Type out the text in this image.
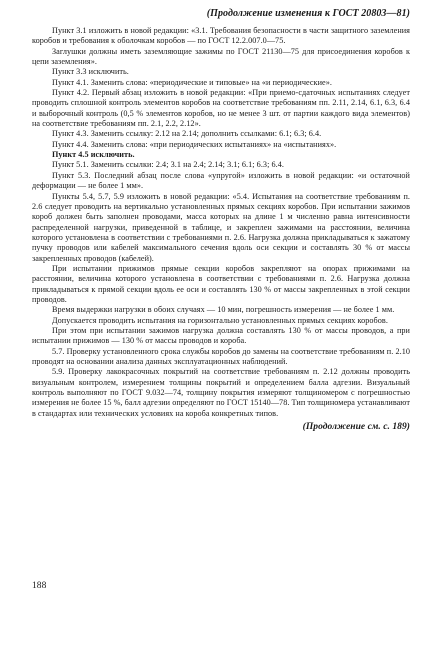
(Продолжение изменения к ГОСТ 20803—81)

Пункт 3.1 изложить в новой редакции: «3.1. Требования безопасности в части защитного заземления коробов и требования к оболочкам коробов — по ГОСТ 12.2.007.0—75.

Заглушки должны иметь заземляющие зажимы по ГОСТ 21130—75 для присоединения коробов к цепи заземления».

Пункт 3.3 исключить.

Пункт 4.1. Заменить слова: «периодические и типовые» на «и периодические».

Пункт 4.2. Первый абзац изложить в новой редакции: «При приемо-сдаточных испытаниях следует проводить сплошной контроль элементов коробов на соответствие требованиям пп. 2.11, 2.14, 6.1, 6.3, 6.4 и выборочный контроль (0,5 % элементов коробов, но не менее 3 шт. от партии каждого вида элементов) на соответствие требованиям пп. 2.1, 2.2, 2.12».

Пункт 4.3. Заменить ссылку: 2.12 на 2.14; дополнить ссылками: 6.1; 6.3; 6.4.

Пункт 4.4. Заменить слова: «при периодических испытаниях» на «испытаниях».

Пункт 4.5 исключить.

Пункт 5.1. Заменить ссылки: 2.4; 3.1 на 2.4; 2.14; 3.1; 6.1; 6.3; 6.4.

Пункт 5.3. Последний абзац после слова «упругой» изложить в новой редакции: «и остаточной деформации — не более 1 мм».

Пункты 5.4, 5.7, 5.9 изложить в новой редакции: «5.4. Испытания на соответствие требованиям п. 2.6 следует проводить на вертикально установленных прямых секциях коробов. При испытании зажимов короб должен быть заполнен проводами, масса которых на длине 1 м численно равна интенсивности распределенной нагрузки, приведенной в таблице, и закреплен зажимами на расстоянии, величина которого установлена в соответствии с требованиями п. 2.6. Нагрузка должна прикладываться к зажатому пучку проводов или кабелей максимального сечения вдоль оси секции и составлять 30 % от массы закрепленных проводов (кабелей).

При испытании прижимов прямые секции коробов закрепляют на опорах прижимами на расстоянии, величина которого установлена в соответствии с требованиями п. 2.6. Нагрузка должна прикладываться к прямой секции вдоль ее оси и составлять 130 % от массы закрепленных в этой секции проводов.

Время выдержки нагрузки в обоих случаях — 10 мин, погрешность измерения — не более 1 мм.

Допускается проводить испытания на горизонтально установленных прямых секциях коробов.

При этом при испытании зажимов нагрузка должна составлять 130 % от массы проводов, а при испытании прижимов — 130 % от массы проводов и короба.

5.7. Проверку установленного срока службы коробов до замены на соответствие требованиям п. 2.10 проводят на основании анализа данных эксплуатационных наблюдений.

5.9. Проверку лакокрасочных покрытий на соответствие требованиям п. 2.12 должны проводить визуальным контролем, измерением толщины покрытий и определением балла адгезии. Визуальный контроль выполняют по ГОСТ 9.032—74, толщину покрытия измеряют толщиномером с погрешностью измерения не более 15 %, балл адгезии определяют по ГОСТ 15140—78. Тип толщиномера устанавливают в стандартах или технических условиях на короба конкретных типов.

(Продолжение см. с. 189)
188
